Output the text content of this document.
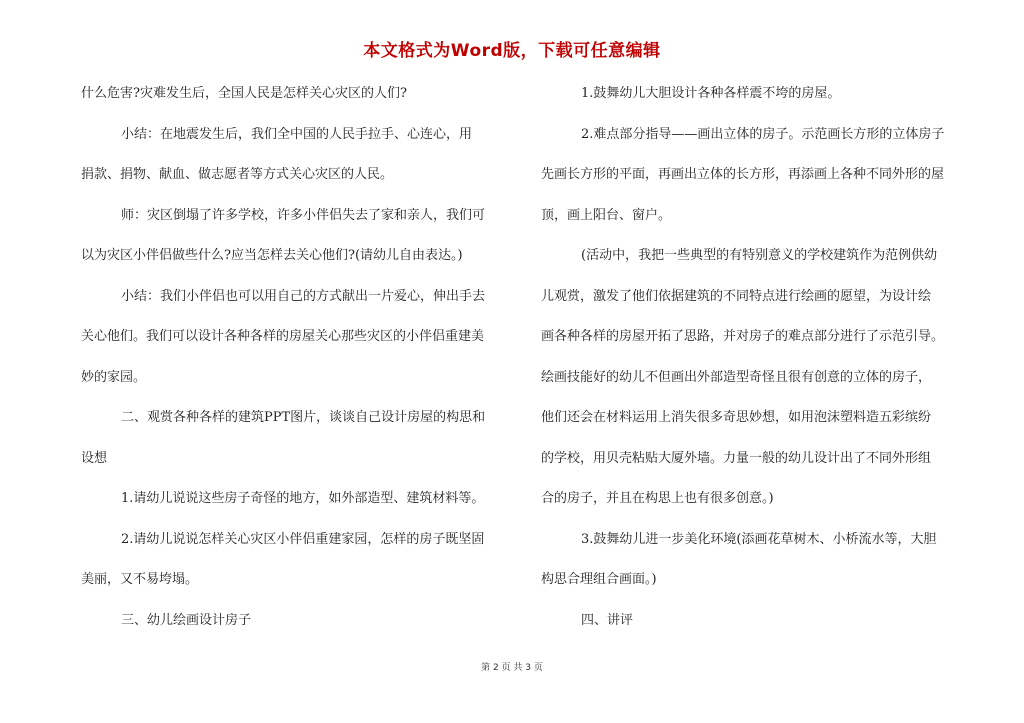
本文格式为Word版，下载可任意编辑
什么危害?灾难发生后，全国人民是怎样关心灾区的人们?
小结：在地震发生后，我们全中国的人民手拉手、心连心，用
捐款、捐物、献血、做志愿者等方式关心灾区的人民。
师：灾区倒塌了许多学校，许多小伴侣失去了家和亲人，我们可
以为灾区小伴侣做些什么?应当怎样去关心他们?(请幼儿自由表达。)
小结：我们小伴侣也可以用自己的方式献出一片爱心，伸出手去
关心他们。我们可以设计各种各样的房屋关心那些灾区的小伴侣重建美
妙的家园。
二、观赏各种各样的建筑PPT图片，谈谈自己设计房屋的构思和
设想
1.请幼儿说说这些房子奇怪的地方，如外部造型、建筑材料等。
2.请幼儿说说怎样关心灾区小伴侣重建家园，怎样的房子既坚固
美丽，又不易垮塌。
三、幼儿绘画设计房子
1.鼓舞幼儿大胆设计各种各样震不垮的房屋。
2.难点部分指导——画出立体的房子。示范画长方形的立体房子
先画长方形的平面，再画出立体的长方形，再添画上各种不同外形的屋
顶，画上阳台、窗户。
(活动中，我把一些典型的有特别意义的学校建筑作为范例供幼
儿观赏，激发了他们依据建筑的不同特点进行绘画的愿望，为设计绘
画各种各样的房屋开拓了思路，并对房子的难点部分进行了示范引导。
绘画技能好的幼儿不但画出外部造型奇怪且很有创意的立体的房子，
他们还会在材料运用上消失很多奇思妙想，如用泡沫塑料造五彩缤纷
的学校，用贝壳粘贴大厦外墙。力量一般的幼儿设计出了不同外形组
合的房子，并且在构思上也有很多创意。)
3.鼓舞幼儿进一步美化环境(添画花草树木、小桥流水等，大胆
构思合理组合画面。)
四、讲评
第 2 页 共 3 页
